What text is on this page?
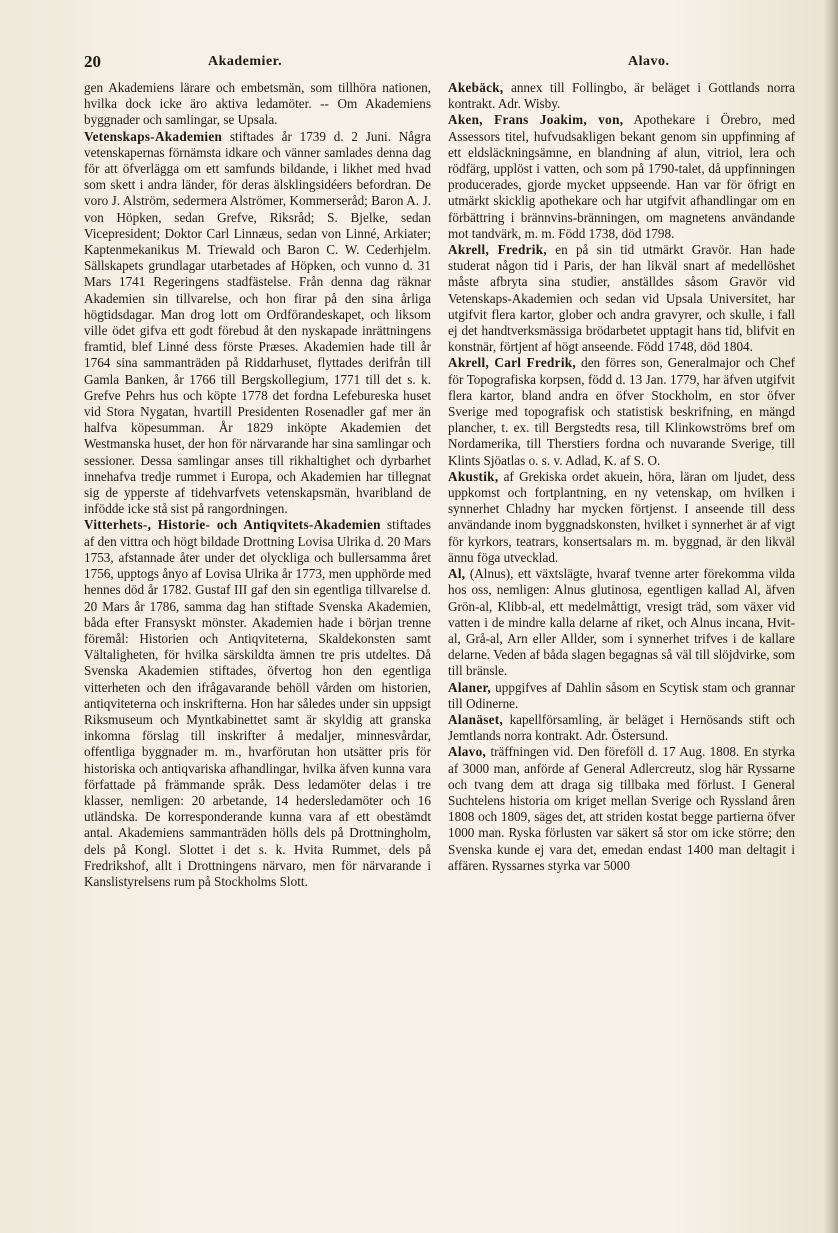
20	Akademier.	Alavo.

gen Akademiens lärare och embetsmän, som tillhöra nationen, hvilka dock icke äro aktiva ledamöter. -- Om Akademiens byggnader och samlingar, se Upsala.

Vetenskaps-Akademien stiftades år 1739 d. 2 Juni. Några vetenskapernas förnämsta idkare och vänner samlades denna dag för att öfverlägga om ett samfunds bildande, i likhet med hvad som skett i andra länder, för deras älsklingsidéers befordran. De voro J. Alström, sedermera Alströmer, Kommerseråd; Baron A. J. von Höpken, sedan Grefve, Riksråd; S. Bjelke, sedan Vicepresident; Doktor Carl Linnæus, sedan von Linné, Arkiater; Kaptenmekanikus M. Triewald och Baron C. W. Cederhjelm. Sällskapets grundlagar utarbetades af Höpken, och vunno d. 31 Mars 1741 Regeringens stadfästelse. Från denna dag räknar Akademien sin tillvarelse, och hon firar på den sina årliga högtidsdagar. Man drog lott om Ordförandeskapet, och liksom ville ödet gifva ett godt förebud åt den nyskapade inrättningens framtid, blef Linné dess förste Præses. Akademien hade till år 1764 sina sammanträden på Riddarhuset, flyttades derifrån till Gamla Banken, år 1766 till Bergskollegium, 1771 till det s. k. Grefve Pehrs hus och köpte 1778 det fordna Lefebureska huset vid Stora Nygatan, hvartill Presidenten Rosenadler gaf mer än halfva köpesumman. År 1829 inköpte Akademien det Westmanska huset, der hon för närvarande har sina samlingar och sessioner. Dessa samlingar anses till rikhaltighet och dyrbarhet innehafva tredje rummet i Europa, och Akademien har tillegnat sig de ypperste af tidehvarfvets vetenskapsmän, hvaribland de infödde icke stå sist på rangordningen.

Vitterhets-, Historie- och Antiqvitets-Akademien stiftades af den vittra och högt bildade Drottning Lovisa Ulrika d. 20 Mars 1753, afstannade åter under det olyckliga och bullersamma året 1756, upptogs ånyo af Lovisa Ulrika år 1773, men upphörde med hennes död år 1782. Gustaf III gaf den sin egentliga tillvarelse d. 20 Mars år 1786, samma dag han stiftade Svenska Akademien, båda efter Fransyskt mönster. Akademien hade i början trenne föremål: Historien och Antiqviteterna, Skaldekonsten samt Vältaligheten, för hvilka särskildta ämnen tre pris utdeltes. Då Svenska Akademien stiftades, öfvertog hon den egentliga vitterheten och den ifrågavarande behöll vården om historien, antiqviteterna och inskrifterna. Hon har således under sin uppsigt Riksmuseum och Myntkabinettet samt är skyldig att granska inkomna förslag till inskrifter å medaljer, minnesvårdar, offentliga byggnader m. m., hvarförutan hon utsätter pris för historiska och antiqvariska afhandlingar, hvilka äfven kunna vara författade på främmande språk. Dess ledamöter delas i tre klasser, nemligen: 20 arbetande, 14 hedersledamöter och 16 utländska. De korresponderande kunna vara af ett obestämdt antal. Akademiens sammanträden hölls dels på Drottningholm, dels på Kongl. Slottet i det s. k. Hvita Rummet, dels på Fredrikshof, allt i Drottningens närvaro, men för närvarande i Kanslistyrelsens rum på Stockholms Slott.

Akebäck, annex till Follingbo, är beläget i Gottlands norra kontrakt. Adr. Wisby.

Aken, Frans Joakim, von, Apothekare i Örebro, med Assessors titel, hufvudsakligen bekant genom sin uppfinning af ett eldsläckningsämne, en blandning af alun, vitriol, lera och rödfärg, upplöst i vatten, och som på 1790-talet, då uppfinningen producerades, gjorde mycket uppseende. Han var för öfrigt en utmärkt skicklig apothekare och har utgifvit afhandlingar om en förbättring i brännvins-bränningen, om magnetens användande mot tandvärk, m. m. Född 1738, död 1798.

Akrell, Fredrik, en på sin tid utmärkt Gravör. Han hade studerat någon tid i Paris, der han likväl snart af medellöshet måste afbryta sina studier, anställdes såsom Gravör vid Vetenskaps-Akademien och sedan vid Upsala Universitet, har utgifvit flera kartor, glober och andra gravyrer, och skulle, i fall ej det handtverksmässiga brödarbetet upptagit hans tid, blifvit en konstnär, förtjent af högt anseende. Född 1748, död 1804.

Akrell, Carl Fredrik, den förres son, Generalmajor och Chef för Topografiska korpsen, född d. 13 Jan. 1779, har äfven utgifvit flera kartor, bland andra en öfver Stockholm, en stor öfver Sverige med topografisk och statistisk beskrifning, en mängd plancher, t. ex. till Bergstedts resa, till Klinkowströms bref om Nordamerika, till Therstiers fordna och nuvarande Sverige, till Klints Sjöatlas o. s. v. Adlad, K. af S. O.

Akustik, af Grekiska ordet akuein, höra, läran om ljudet, dess uppkomst och fortplantning, en ny vetenskap, om hvilken i synnerhet Chladny har mycken förtjenst. I anseende till dess användande inom byggnadskonsten, hvilket i synnerhet är af vigt för kyrkors, teatrars, konsertsalars m. m. byggnad, är den likväl ännu föga utvecklad.

Al, (Alnus), ett växtslägte, hvaraf tvenne arter förekomma vilda hos oss, nemligen: Alnus glutinosa, egentligen kallad Al, äfven Grön-al, Klibb-al, ett medelmåttigt, vresigt träd, som växer vid vatten i de mindre kalla delarne af riket, och Alnus incana, Hvit-al, Grå-al, Arn eller Allder, som i synnerhet trifves i de kallare delarne. Veden af båda slagen begagnas så väl till slöjdvirke, som till bränsle.

Alaner, uppgifves af Dahlin såsom en Scytisk stam och grannar till Odinerne.

Alanäset, kapellförsamling, är beläget i Hernösands stift och Jemtlands norra kontrakt. Adr. Östersund.

Alavo, träffningen vid. Den föreföll d. 17 Aug. 1808. En styrka af 3000 man, anförde af General Adlercreutz, slog här Ryssarne och tvang dem att draga sig tillbaka med förlust. I General Suchtelens historia om kriget mellan Sverige och Ryssland åren 1808 och 1809, säges det, att striden kostat begge partierna öfver 1000 man. Ryska förlusten var säkert så stor om icke större; den Svenska kunde ej vara det, emedan endast 1400 man deltagit i affären. Ryssarnes styrka var 5000
